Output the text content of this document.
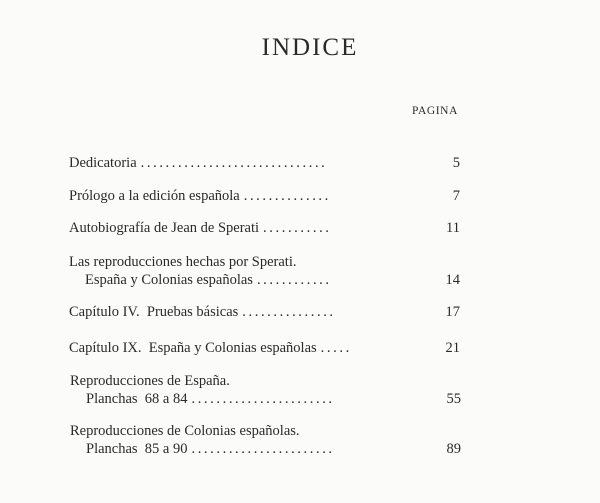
INDICE
PAGINA
Dedicatoria ..............................	5
Prólogo a la edición española ..............	7
Autobiografía de Jean de Sperati ...........	11
Las reproducciones hechas por Sperati.
España y Colonias españolas ............	14
Capítulo IV.  Pruebas básicas ...............	17
Capítulo IX.  España y Colonias españolas .....	21
Reproducciones de España.
Planchas  68 a 84 .......................	55
Reproducciones de Colonias españolas.
Planchas  85 a 90 .......................	89
